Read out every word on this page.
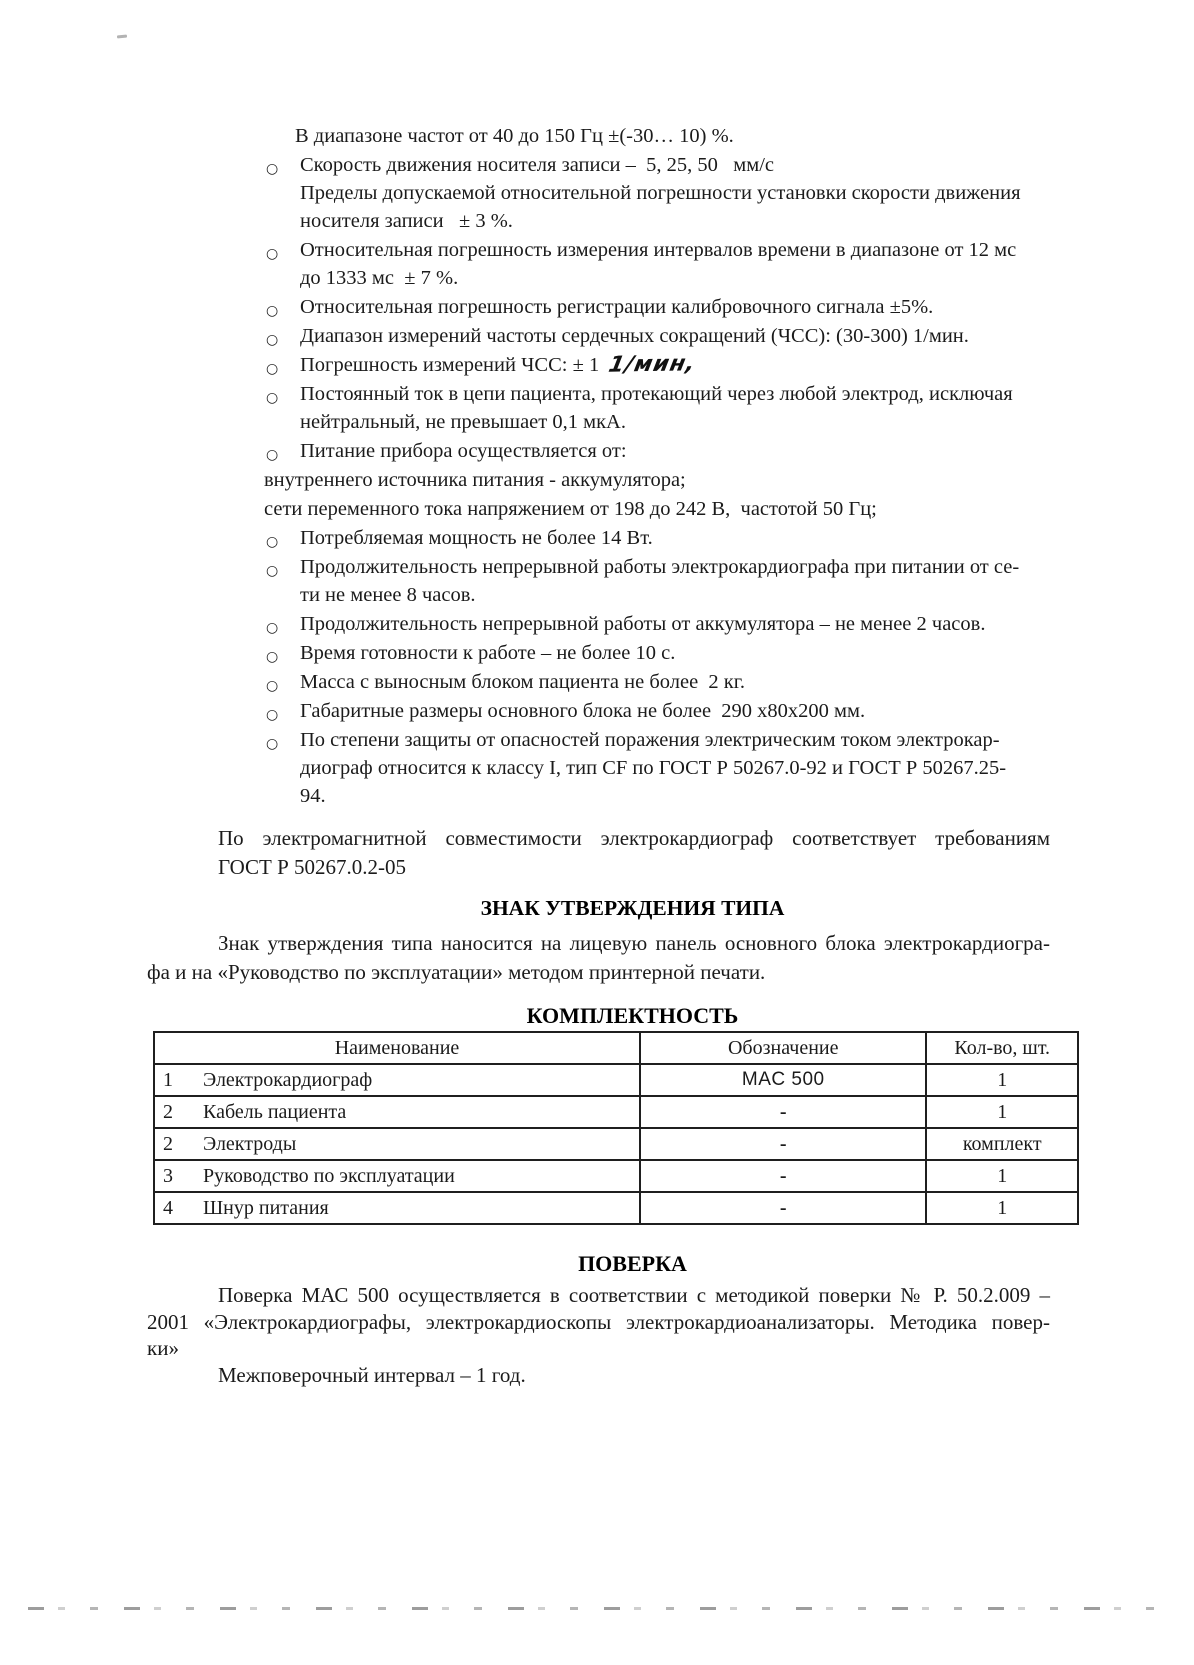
В диапазоне частот от 40 до 150 Гц ±(-30… 10) %.
○ Скорость движения носителя записи –  5, 25, 50   мм/с
Пределы допускаемой относительной погрешности установки скорости движения
носителя записи   ± 3 %.
○ Относительная погрешность измерения интервалов времени в диапазоне от 12 мс
до 1333 мс  ± 7 %.
○ Относительная погрешность регистрации калибровочного сигнала ±5%.
○ Диапазон измерений частоты сердечных сокращений (ЧСС): (30-300) 1/мин.
○ Погрешность измерений ЧСС: ± 1 1/мин,
○ Постоянный ток в цепи пациента, протекающий через любой электрод, исключая
нейтральный, не превышает 0,1 мкА.
○ Питание прибора осуществляется от:
внутреннего источника питания - аккумулятора;
сети переменного тока напряжением от 198 до 242 В,  частотой 50 Гц;
○ Потребляемая мощность не более 14 Вт.
○ Продолжительность непрерывной работы электрокардиографа при питании от се-
ти не менее 8 часов.
○ Продолжительность непрерывной работы от аккумулятора – не менее 2 часов.
○ Время готовности к работе – не более 10 с.
○ Масса с выносным блоком пациента не более  2 кг.
○ Габаритные размеры основного блока не более  290 х80х200 мм.
○ По степени защиты от опасностей поражения электрическим током электрокар-
диограф относится к классу I, тип CF по ГОСТ Р 50267.0-92 и ГОСТ Р 50267.25-
94.
По электромагнитной совместимости электрокардиограф соответствует требованиям
ГОСТ Р 50267.0.2-05
ЗНАК УТВЕРЖДЕНИЯ ТИПА
Знак утверждения типа наносится на лицевую панель основного блока электрокардиогра-
фа и на «Руководство по эксплуатации» методом принтерной печати.
КОМПЛЕКТНОСТЬ
Наименование	Обозначение	Кол-во, шт.
1 Электрокардиограф	MAC 500	1
2 Кабель пациента	-	1
2 Электроды	-	комплект
3 Руководство по эксплуатации	-	1
4 Шнур питания	-	1
ПОВЕРКА
Поверка МАС 500 осуществляется в соответствии с методикой поверки № Р. 50.2.009 –
2001 «Электрокардиографы, электрокардиоскопы электрокардиоанализаторы. Методика повер-
ки»
Межповерочный интервал – 1 год.
